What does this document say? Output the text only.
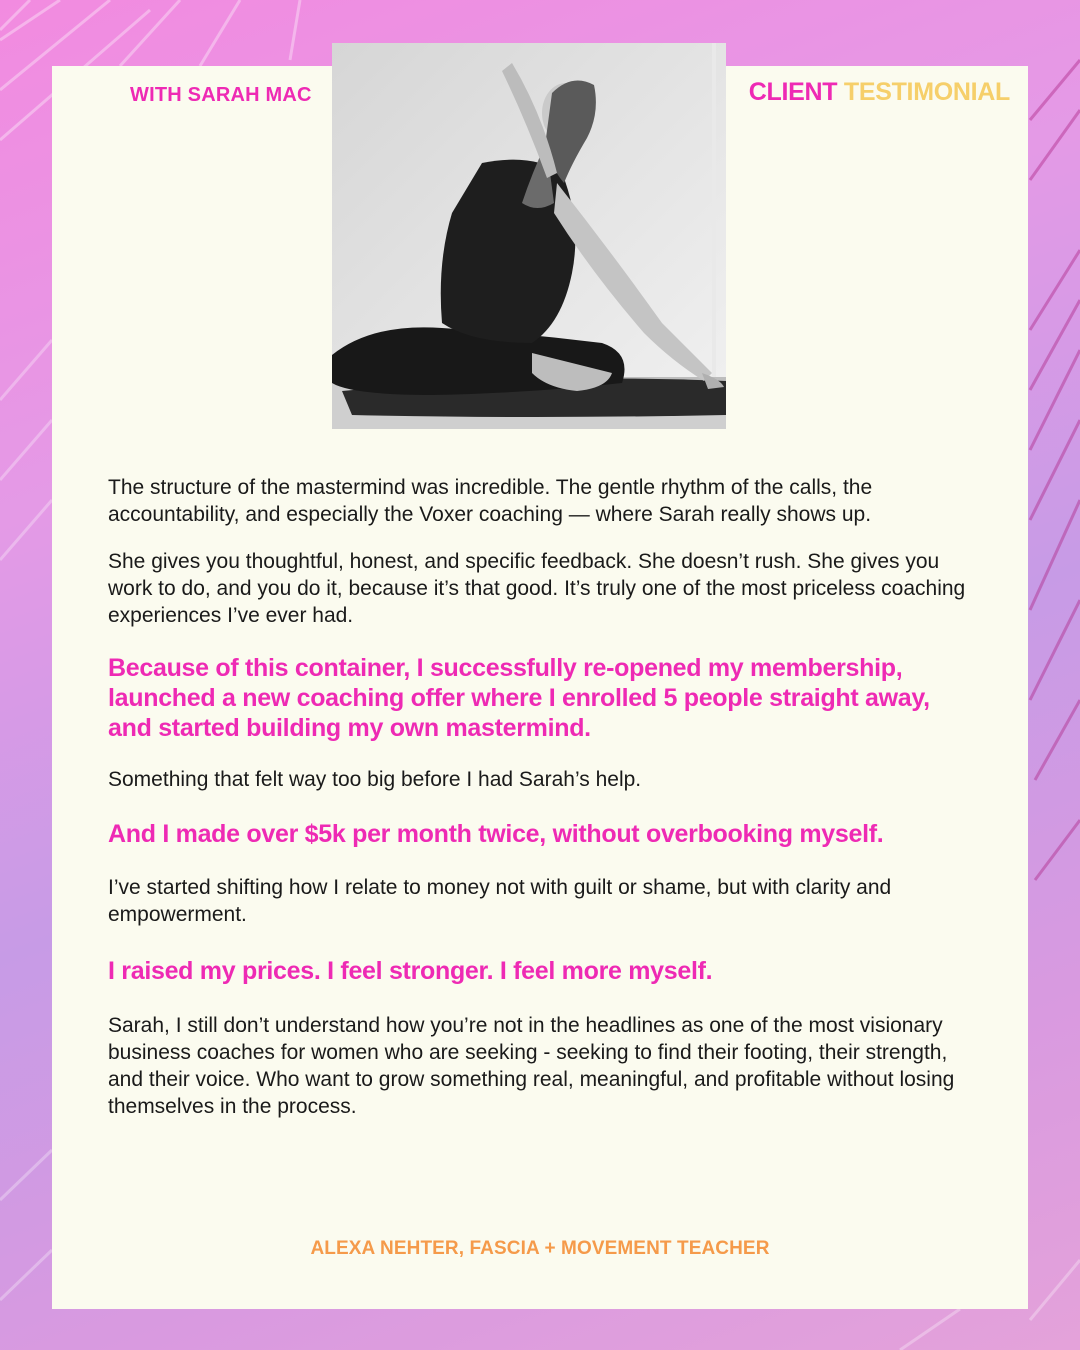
WITH SARAH MAC	CLIENT TESTIMONIAL

The structure of the mastermind was incredible. The gentle rhythm of the calls, the accountability, and especially the Voxer coaching — where Sarah really shows up.

She gives you thoughtful, honest, and specific feedback. She doesn’t rush. She gives you work to do, and you do it, because it’s that good. It’s truly one of the most priceless coaching experiences I’ve ever had.

Because of this container, I successfully re-opened my membership, launched a new coaching offer where I enrolled 5 people straight away, and started building my own mastermind.

Something that felt way too big before I had Sarah’s help.

And I made over $5k per month twice, without overbooking myself.

I’ve started shifting how I relate to money not with guilt or shame, but with clarity and empowerment.

I raised my prices. I feel stronger. I feel more myself.

Sarah, I still don’t understand how you’re not in the headlines as one of the most visionary business coaches for women who are seeking - seeking to find their footing, their strength, and their voice. Who want to grow something real, meaningful, and profitable without losing themselves in the process.

ALEXA NEHTER, FASCIA + MOVEMENT TEACHER
